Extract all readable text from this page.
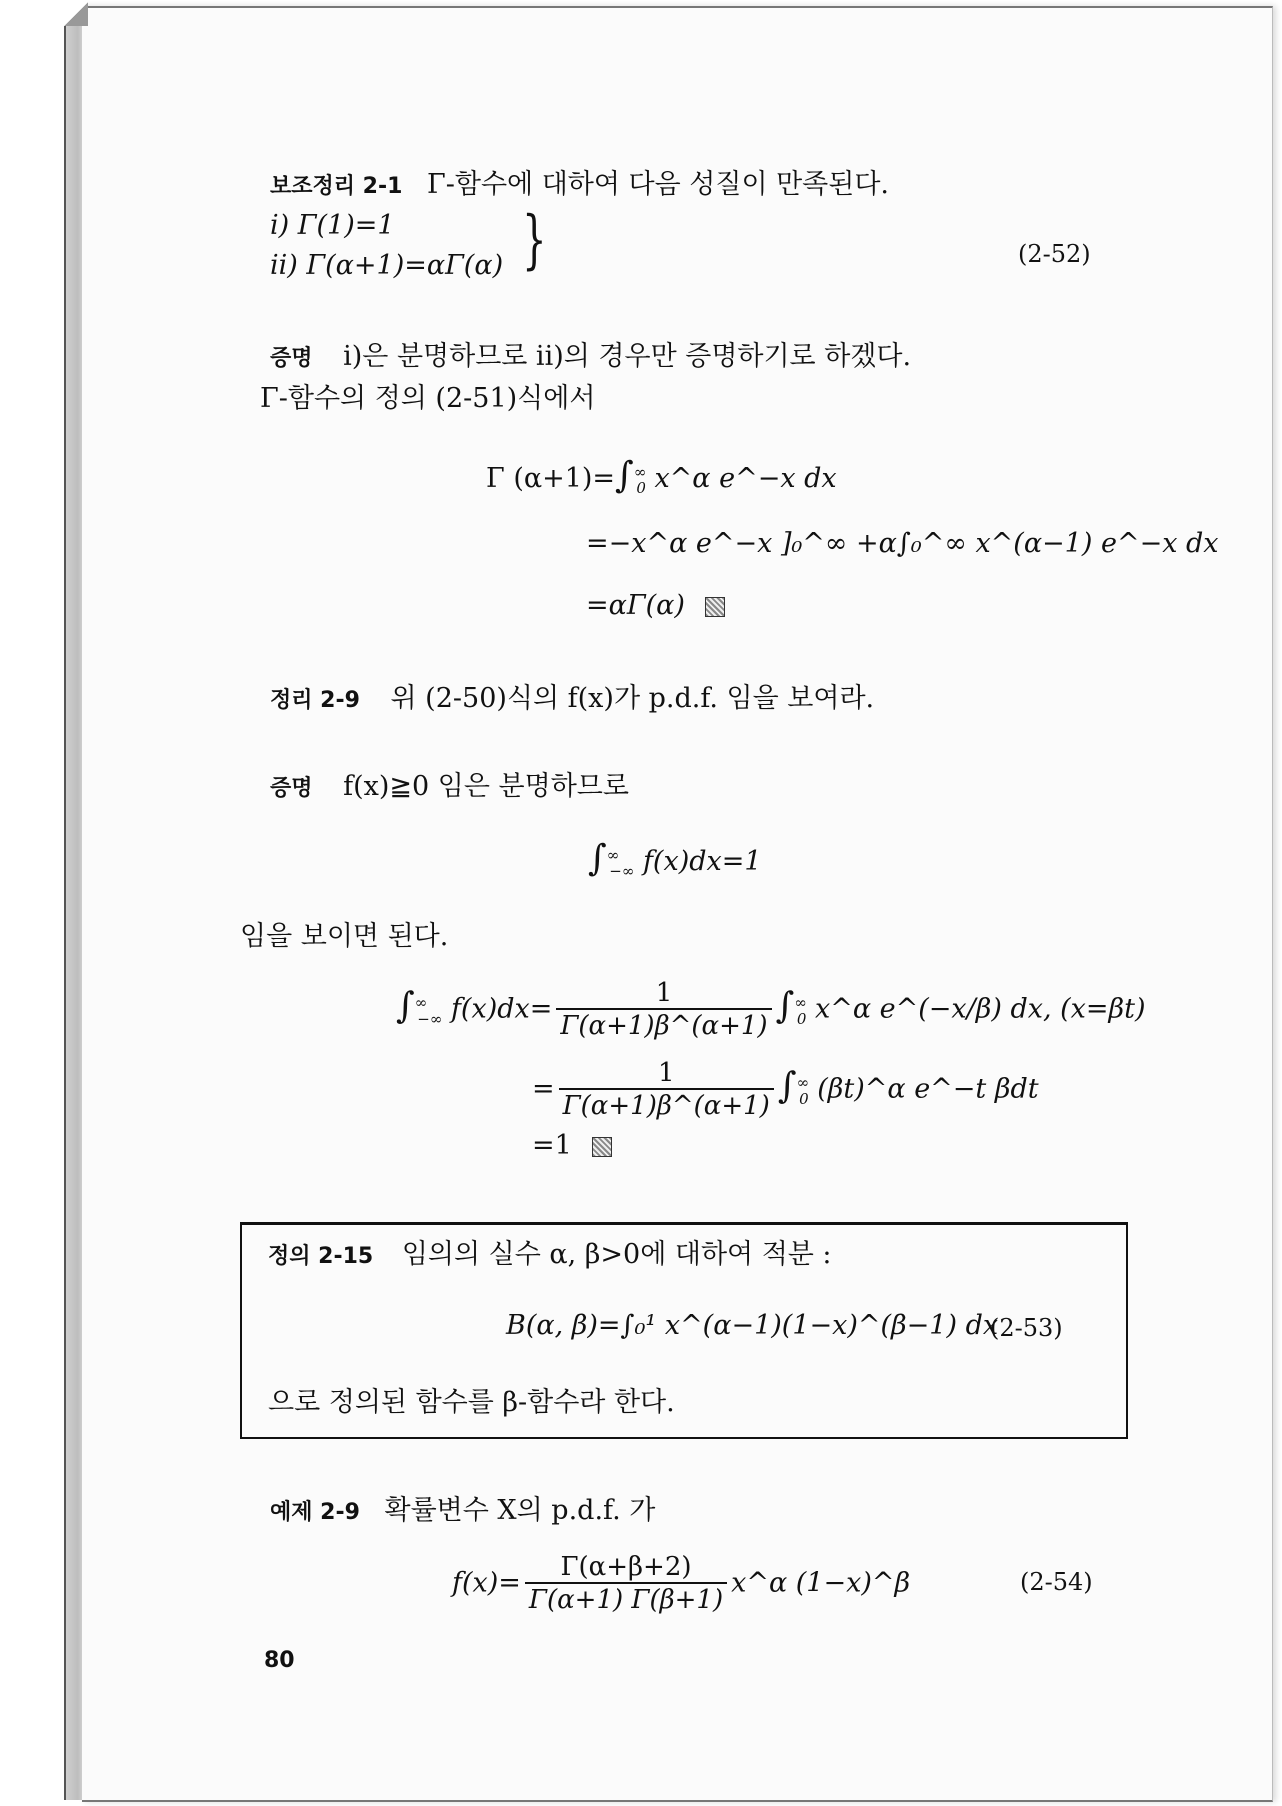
보조정리 2-1 Γ-함수에 대하여 다음 성질이 만족된다.
i) Γ(1)=1
ii) Γ(α+1)=αΓ(α) }	(2-52)
증명 i)은 분명하므로 ii)의 경우만 증명하기로 하겠다.
Γ-함수의 정의 (2-51)식에서
Γ $(\alpha+1)=\int^\infty_0$ x^α e^−x dx
=−x^α e^−x ]₀^∞ +α∫₀^∞ x^(α−1) e^−x dx
=αΓ(α)
정리 2-9 위 (2-50)식의 f(x)가 p.d.f. 임을 보여라.
증명 f(x)≧0 임은 분명하므로
$\int^\infty_{-\infty}$ f(x)dx=1
임을 보이면 된다.
$\int^\infty_{-\infty}$ $f(x)dx= \frac{1}{\Gamma(\alpha+1)\beta\^{}(\alpha+1)} \int^\infty_0$ x^α e^(−x/β) dx, (x=βt)
= $\frac{1}{\Gamma(\alpha+1)\beta\^{}(\alpha+1)} \int^\infty_0$ (βt)^α e^−t βdt
=1
정의 2-15 임의의 실수 α, β>0에 대하여 적분 :
B(α, β)=∫₀¹ x^(α−1)(1−x)^(β−1) dx
(2-53)
으로 정의된 함수를 β-함수라 한다.
예제 2-9 확률변수 X의 p.d.f. 가
$f(x)= \frac{\Gamma(\alpha+\beta+2)}{\Gamma(\alpha+1) \Gamma(\beta+1)}$ x^α (1−x)^β	(2-54)
80
